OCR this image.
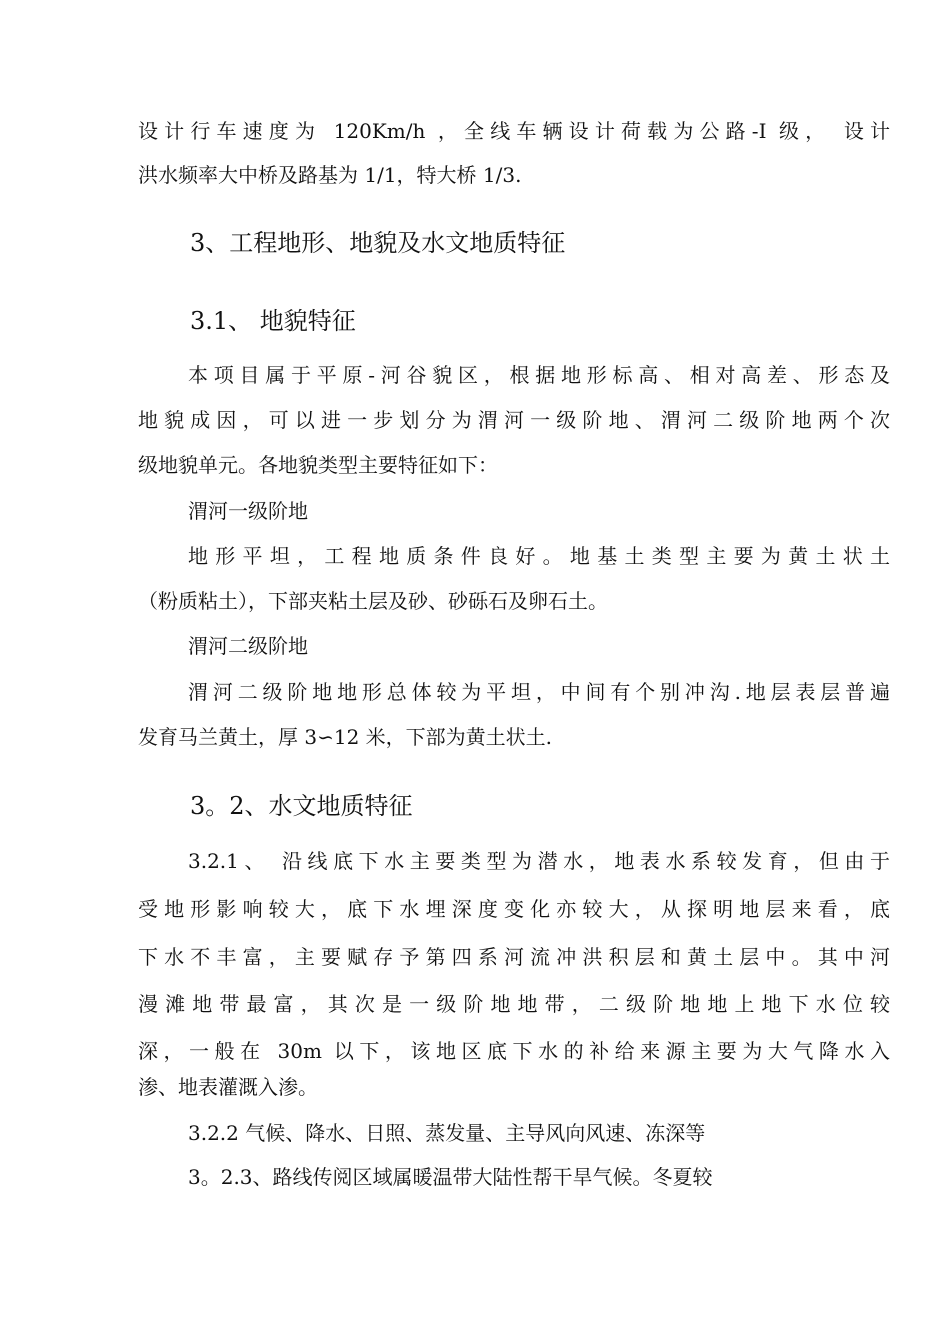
设计行车速度为 120Km/h ，全线车辆设计荷载为公路-I 级， 设计
洪水频率大中桥及路基为 1/1，特大桥 1/3.
3、工程地形、地貌及水文地质特征
3.1、 地貌特征
本项目属于平原-河谷貌区，根据地形标高、相对高差、形态及
地貌成因，可以进一步划分为渭河一级阶地、渭河二级阶地两个次
级地貌单元。各地貌类型主要特征如下：
渭河一级阶地
地形平坦，工程地质条件良好。地基土类型主要为黄土状土
（粉质粘土），下部夹粘土层及砂、砂砾石及卵石土。
渭河二级阶地
渭河二级阶地地形总体较为平坦，中间有个别冲沟.地层表层普遍
发育马兰黄土，厚 3∽12 米，下部为黄土状土.
3。2、水文地质特征
3.2.1、 沿线底下水主要类型为潜水，地表水系较发育，但由于
受地形影响较大，底下水埋深度变化亦较大，从探明地层来看，底
下水不丰富，主要赋存予第四系河流冲洪积层和黄土层中。其中河
漫滩地带最富，其次是一级阶地地带，二级阶地地上地下水位较
深，一般在 30m 以下，该地区底下水的补给来源主要为大气降水入
渗、地表灌溉入渗。
3.2.2 气候、降水、日照、蒸发量、主导风向风速、冻深等
3。2.3、路线传阅区域属暖温带大陆性帮干旱气候。冬夏较
